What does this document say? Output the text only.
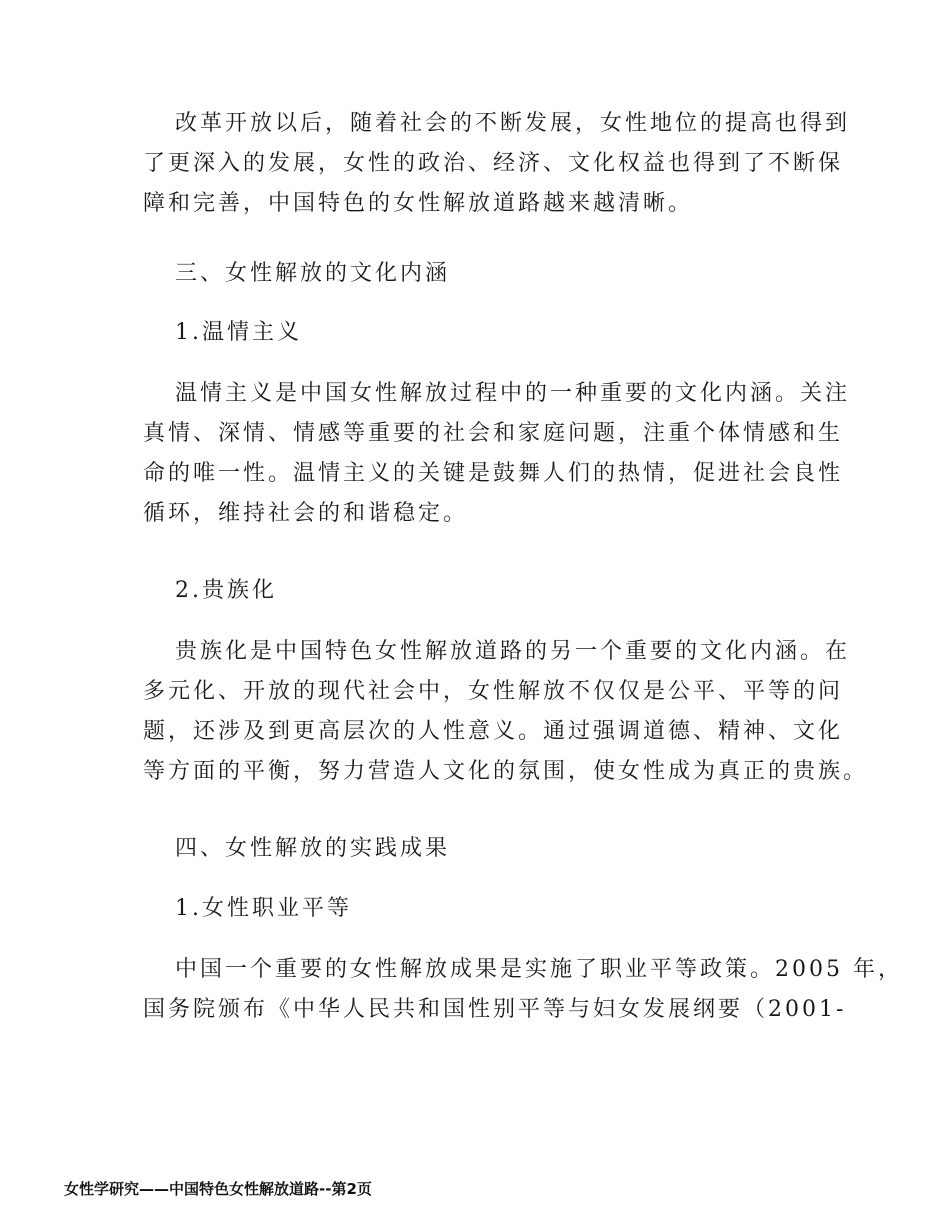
改革开放以后，随着社会的不断发展，女性地位的提高也得到
了更深入的发展，女性的政治、经济、文化权益也得到了不断保
障和完善，中国特色的女性解放道路越来越清晰。
三、女性解放的文化内涵
1.温情主义
温情主义是中国女性解放过程中的一种重要的文化内涵。关注
真情、深情、情感等重要的社会和家庭问题，注重个体情感和生
命的唯一性。温情主义的关键是鼓舞人们的热情，促进社会良性
循环，维持社会的和谐稳定。
2.贵族化
贵族化是中国特色女性解放道路的另一个重要的文化内涵。在
多元化、开放的现代社会中，女性解放不仅仅是公平、平等的问
题，还涉及到更高层次的人性意义。通过强调道德、精神、文化
等方面的平衡，努力营造人文化的氛围，使女性成为真正的贵族。
四、女性解放的实践成果
1.女性职业平等
中国一个重要的女性解放成果是实施了职业平等政策。2005 年，
国务院颁布《中华人民共和国性别平等与妇女发展纲要（2001-
女性学研究——中国特色女性解放道路--第2页
